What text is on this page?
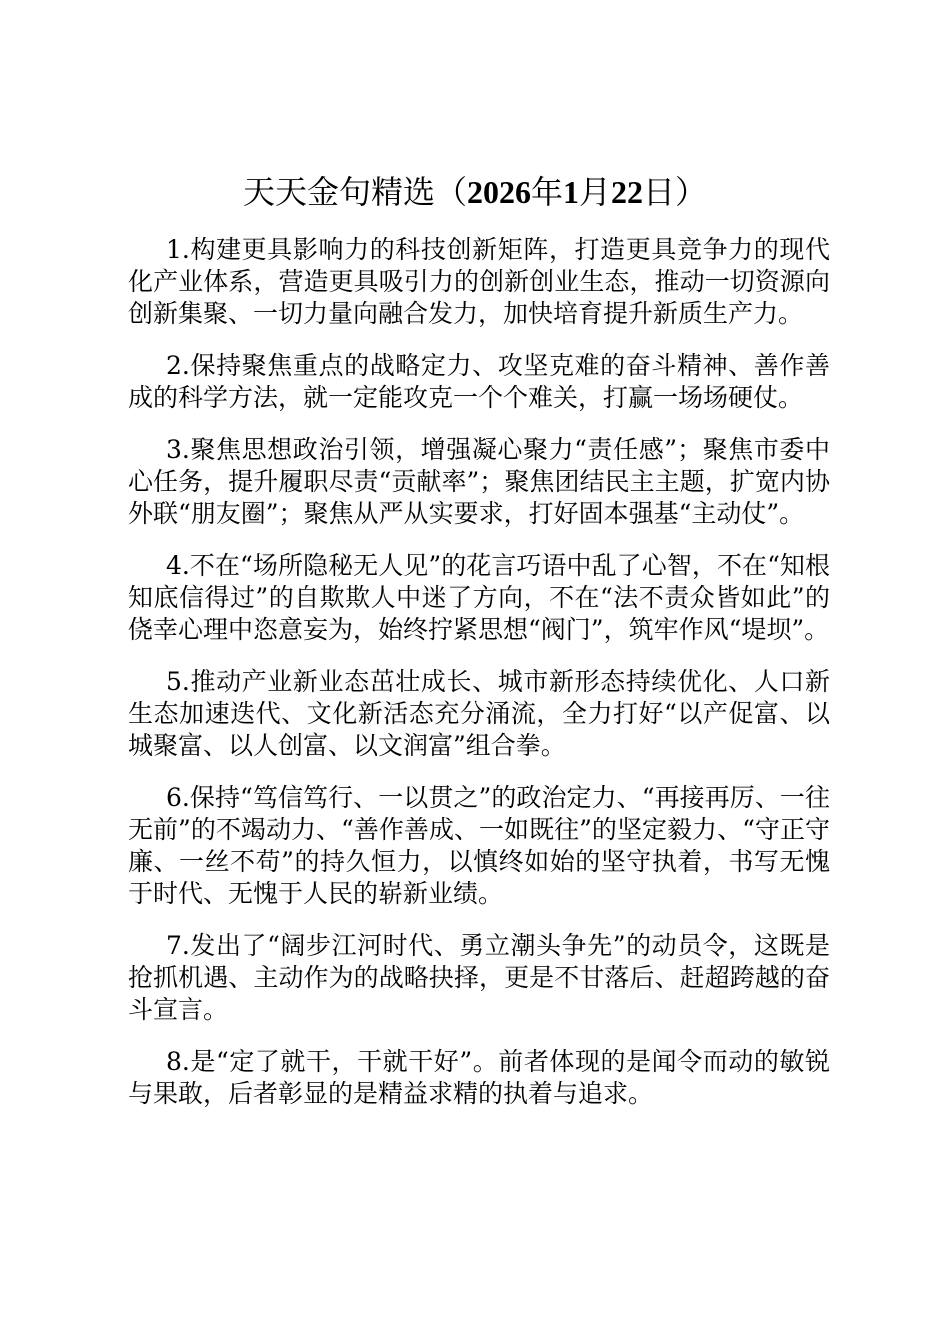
天天金句精选（2026年1月22日）

1.构建更具影响力的科技创新矩阵，打造更具竞争力的现代化产业体系，营造更具吸引力的创新创业生态，推动一切资源向创新集聚、一切力量向融合发力，加快培育提升新质生产力。

2.保持聚焦重点的战略定力、攻坚克难的奋斗精神、善作善成的科学方法，就一定能攻克一个个难关，打赢一场场硬仗。

3.聚焦思想政治引领，增强凝心聚力“责任感”；聚焦市委中心任务，提升履职尽责“贡献率”；聚焦团结民主主题，扩宽内协外联“朋友圈”；聚焦从严从实要求，打好固本强基“主动仗”。

4.不在“场所隐秘无人见”的花言巧语中乱了心智，不在“知根知底信得过”的自欺欺人中迷了方向，不在“法不责众皆如此”的侥幸心理中恣意妄为，始终拧紧思想“阀门”，筑牢作风“堤坝”。

5.推动产业新业态茁壮成长、城市新形态持续优化、人口新生态加速迭代、文化新活态充分涌流，全力打好“以产促富、以城聚富、以人创富、以文润富”组合拳。

6.保持“笃信笃行、一以贯之”的政治定力、“再接再厉、一往无前”的不竭动力、“善作善成、一如既往”的坚定毅力、“守正守廉、一丝不苟”的持久恒力，以慎终如始的坚守执着，书写无愧于时代、无愧于人民的崭新业绩。

7.发出了“阔步江河时代、勇立潮头争先”的动员令，这既是抢抓机遇、主动作为的战略抉择，更是不甘落后、赶超跨越的奋斗宣言。

8.是“定了就干，干就干好”。前者体现的是闻令而动的敏锐与果敢，后者彰显的是精益求精的执着与追求。
